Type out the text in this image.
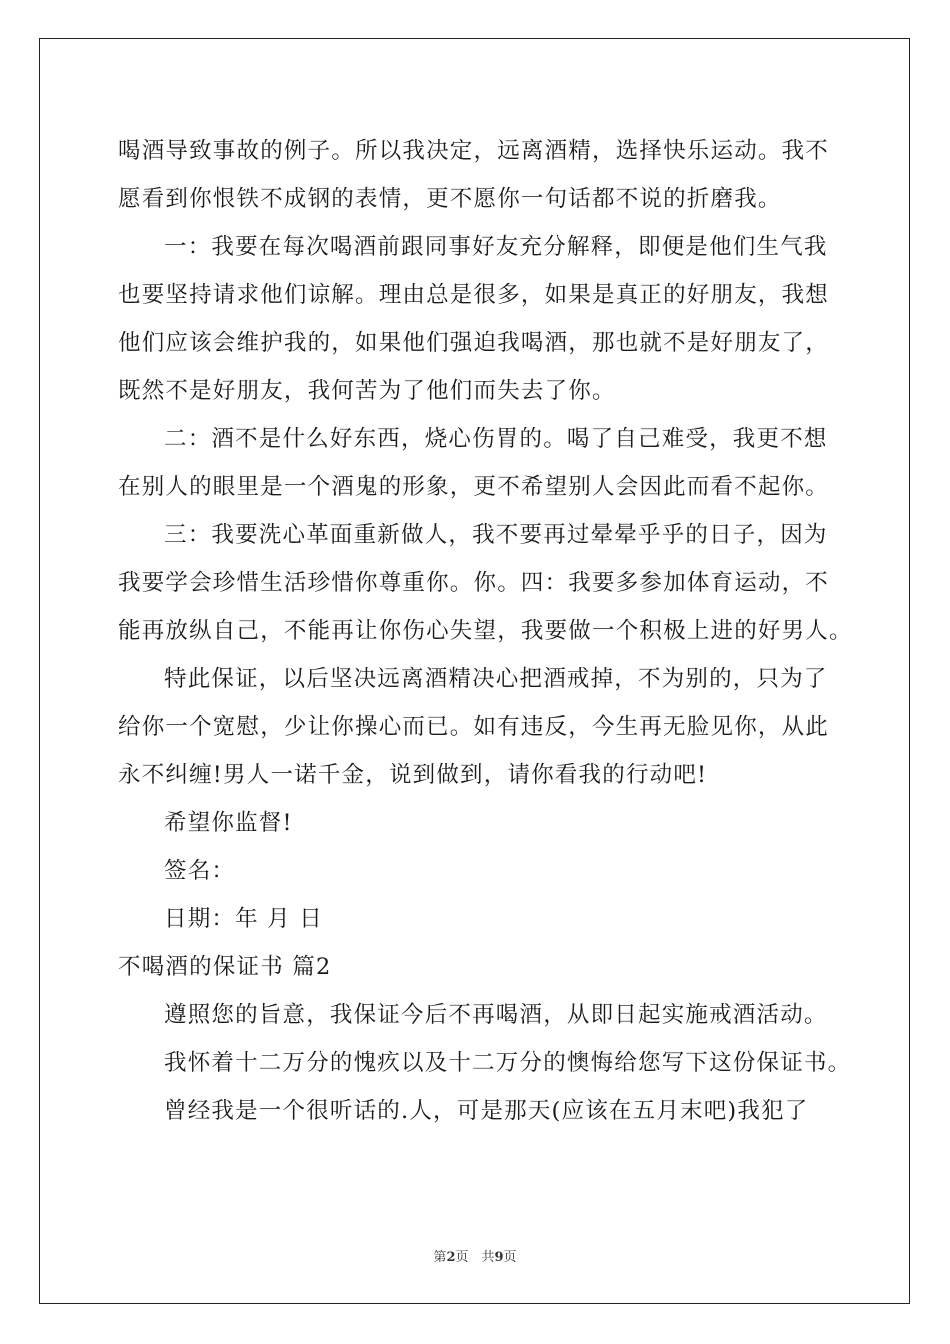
喝酒导致事故的例子。所以我决定，远离酒精，选择快乐运动。我不
愿看到你恨铁不成钢的表情，更不愿你一句话都不说的折磨我。
一：我要在每次喝酒前跟同事好友充分解释，即便是他们生气我
也要坚持请求他们谅解。理由总是很多，如果是真正的好朋友，我想
他们应该会维护我的，如果他们强迫我喝酒，那也就不是好朋友了，
既然不是好朋友，我何苦为了他们而失去了你。
二：酒不是什么好东西，烧心伤胃的。喝了自己难受，我更不想
在别人的眼里是一个酒鬼的形象，更不希望别人会因此而看不起你。
三：我要洗心革面重新做人，我不要再过晕晕乎乎的日子，因为
我要学会珍惜生活珍惜你尊重你。你。四：我要多参加体育运动，不
能再放纵自己，不能再让你伤心失望，我要做一个积极上进的好男人。
特此保证，以后坚决远离酒精决心把酒戒掉，不为别的，只为了
给你一个宽慰，少让你操心而已。如有违反，今生再无脸见你，从此
永不纠缠!男人一诺千金，说到做到，请你看我的行动吧!
希望你监督!
签名：
日期：年 月 日
不喝酒的保证书 篇2
遵照您的旨意，我保证今后不再喝酒，从即日起实施戒酒活动。
我怀着十二万分的愧疚以及十二万分的懊悔给您写下这份保证书。
曾经我是一个很听话的.人，可是那天(应该在五月末吧)我犯了
第2页　共9页
